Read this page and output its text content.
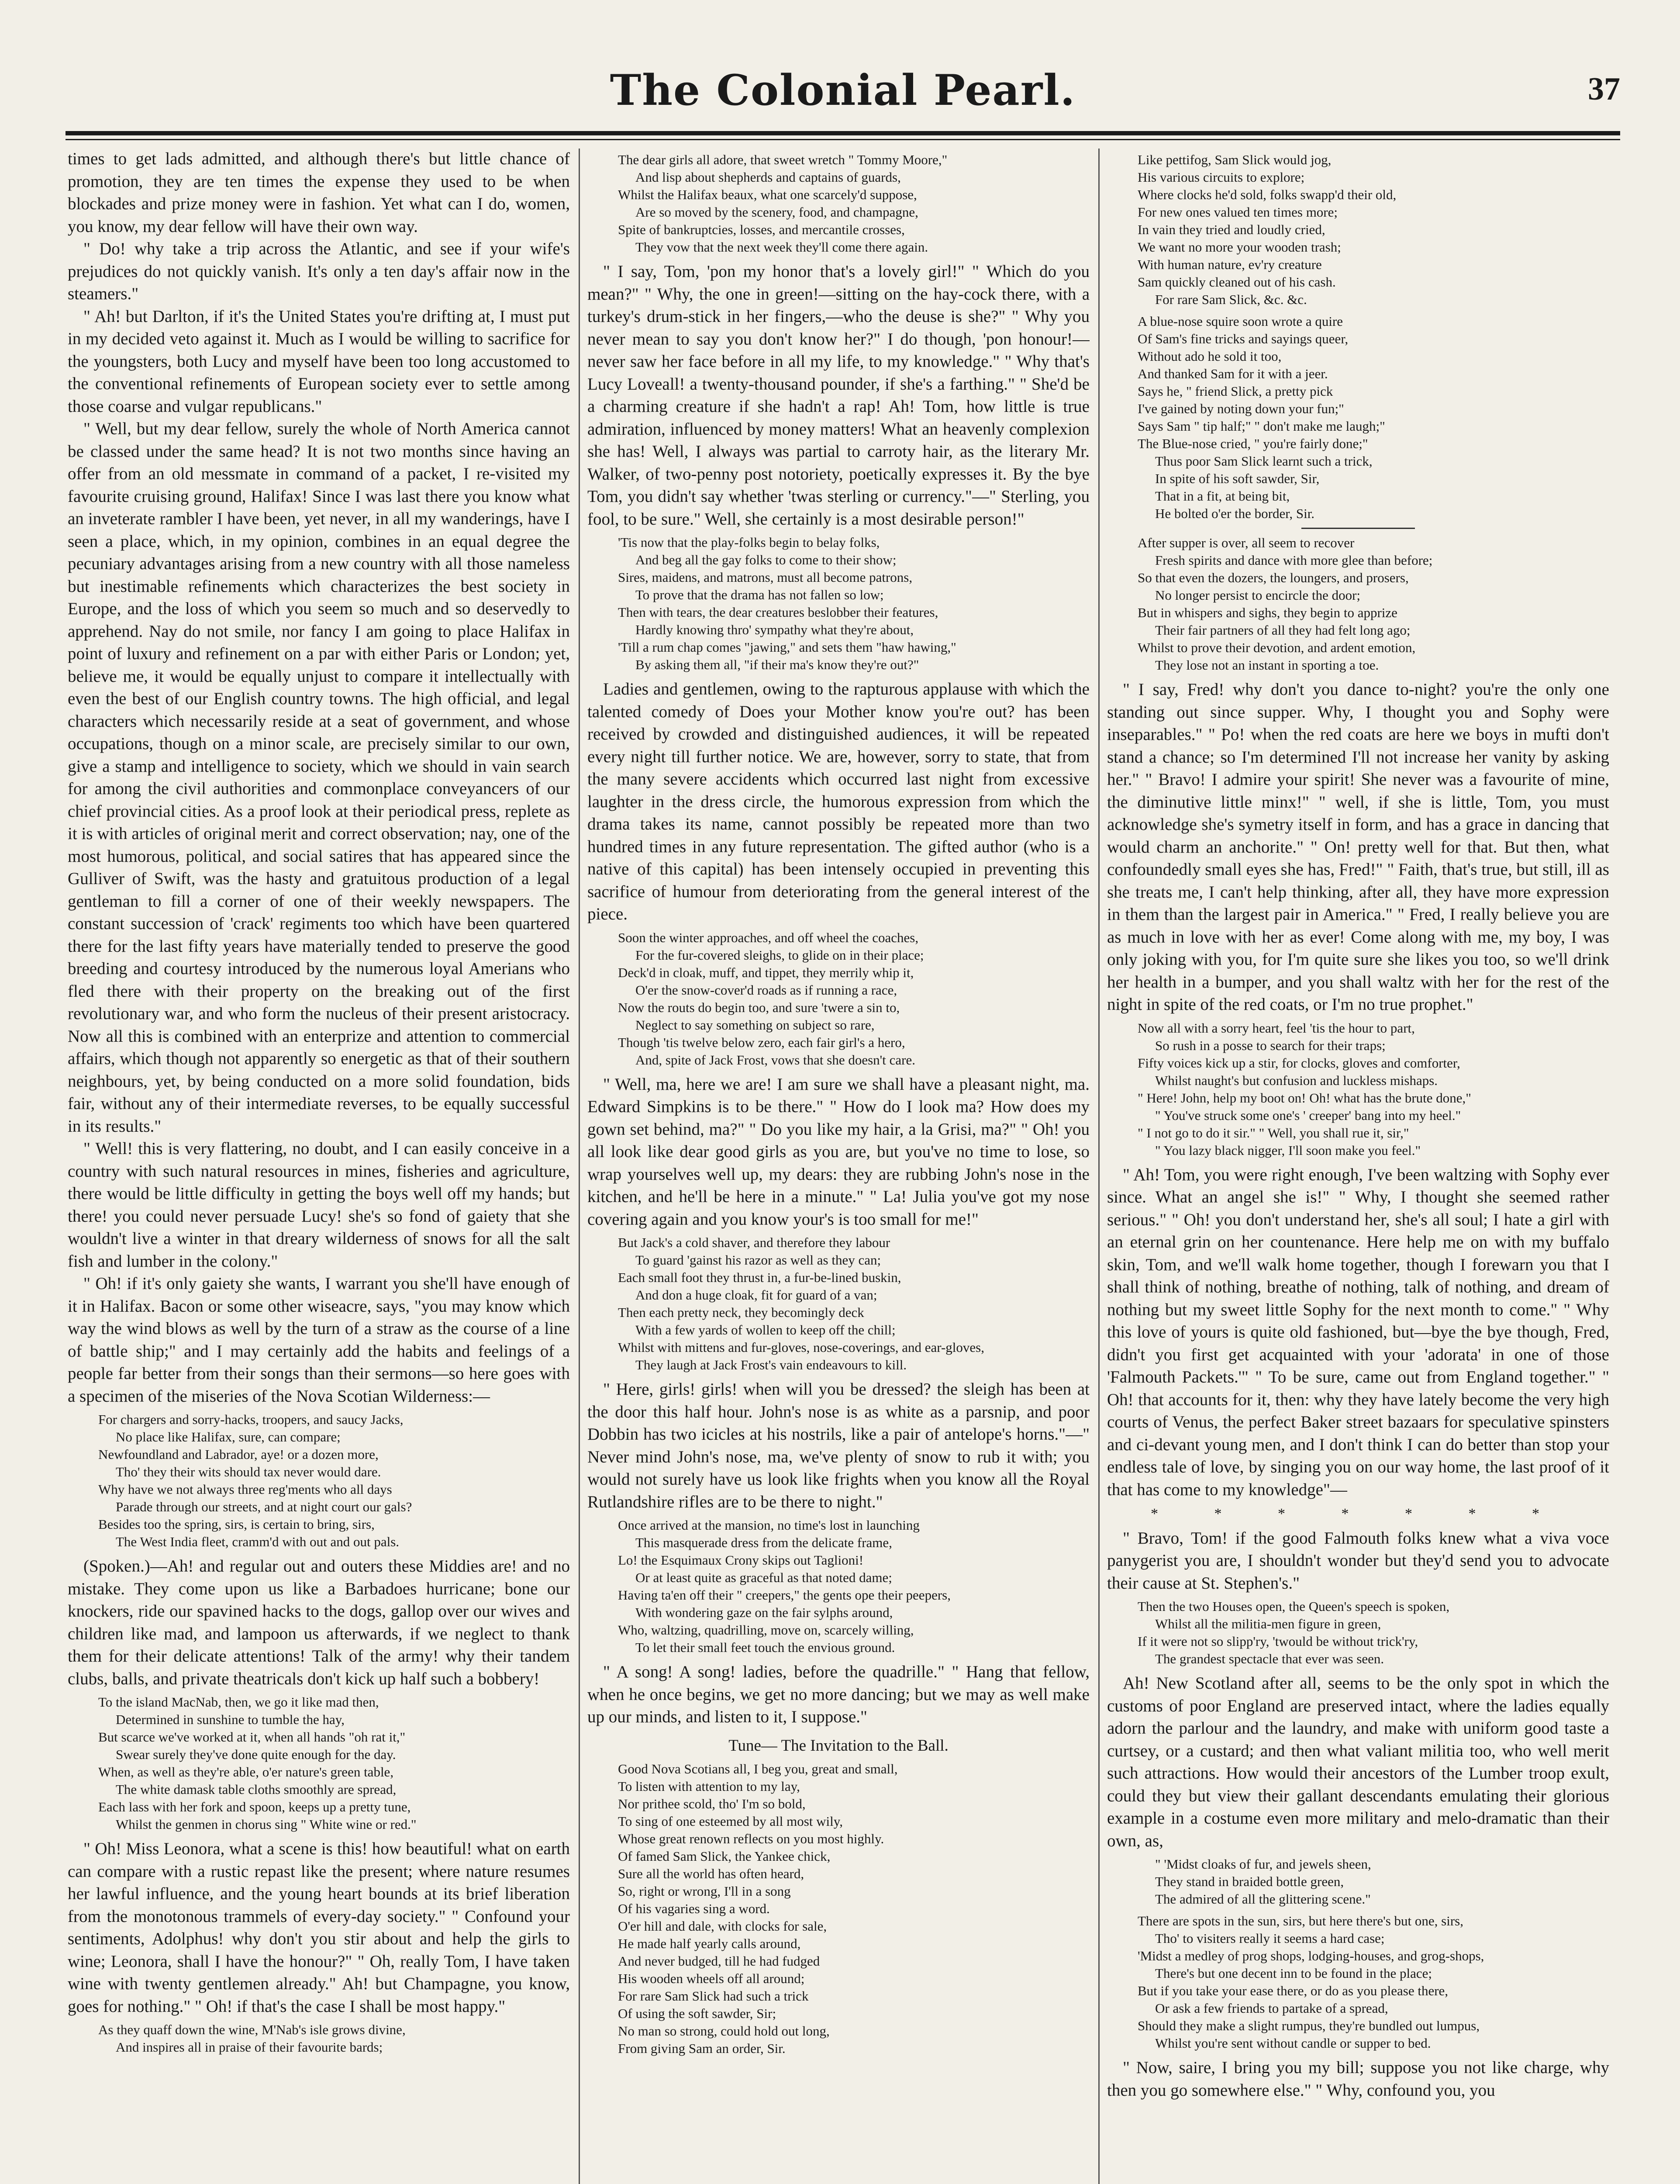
The Colonial Pearl.	37

times to get lads admitted, and although there's but little chance of promotion, they are ten times the expense they used to be when blockades and prize money were in fashion. Yet what can I do, women, you know, my dear fellow will have their own way.

" Do! why take a trip across the Atlantic, and see if your wife's prejudices do not quickly vanish. It's only a ten day's affair now in the steamers."

" Ah! but Darlton, if it's the United States you're drifting at, I must put in my decided veto against it. Much as I would be willing to sacrifice for the youngsters, both Lucy and myself have been too long accustomed to the conventional refinements of European society ever to settle among those coarse and vulgar republicans."

" Well, but my dear fellow, surely the whole of North America cannot be classed under the same head? It is not two months since having an offer from an old messmate in command of a packet, I re-visited my favourite cruising ground, Halifax! Since I was last there you know what an inveterate rambler I have been, yet never, in all my wanderings, have I seen a place, which, in my opinion, combines in an equal degree the pecuniary advantages arising from a new country with all those nameless but inestimable refinements which characterizes the best society in Europe, and the loss of which you seem so much and so deservedly to apprehend. Nay do not smile, nor fancy I am going to place Halifax in point of luxury and refinement on a par with either Paris or London; yet, believe me, it would be equally unjust to compare it intellectually with even the best of our English country towns. The high official, and legal characters which necessarily reside at a seat of government, and whose occupations, though on a minor scale, are precisely similar to our own, give a stamp and intelligence to society, which we should in vain search for among the civil authorities and commonplace conveyancers of our chief provincial cities. As a proof look at their periodical press, replete as it is with articles of original merit and correct observation; nay, one of the most humorous, political, and social satires that has appeared since the Gulliver of Swift, was the hasty and gratuitous production of a legal gentleman to fill a corner of one of their weekly newspapers. The constant succession of 'crack' regiments too which have been quartered there for the last fifty years have materially tended to preserve the good breeding and courtesy introduced by the numerous loyal Amerians who fled there with their property on the breaking out of the first revolutionary war, and who form the nucleus of their present aristocracy. Now all this is combined with an enterprize and attention to commercial affairs, which though not apparently so energetic as that of their southern neighbours, yet, by being conducted on a more solid foundation, bids fair, without any of their intermediate reverses, to be equally successful in its results."

" Well! this is very flattering, no doubt, and I can easily conceive in a country with such natural resources in mines, fisheries and agriculture, there would be little difficulty in getting the boys well off my hands; but there! you could never persuade Lucy! she's so fond of gaiety that she wouldn't live a winter in that dreary wilderness of snows for all the salt fish and lumber in the colony."

" Oh! if it's only gaiety she wants, I warrant you she'll have enough of it in Halifax. Bacon or some other wiseacre, says, "you may know which way the wind blows as well by the turn of a straw as the course of a line of battle ship;" and I may certainly add the habits and feelings of a people far better from their songs than their sermons—so here goes with a specimen of the miseries of the Nova Scotian Wilderness:—

For chargers and sorry-hacks, troopers, and saucy Jacks,
No place like Halifax, sure, can compare;
Newfoundland and Labrador, aye! or a dozen more,
Tho' they their wits should tax never would dare.
Why have we not always three reg'ments who all days
Parade through our streets, and at night court our gals?
Besides too the spring, sirs, is certain to bring, sirs,
The West India fleet, cramm'd with out and out pals.

(Spoken.)—Ah! and regular out and outers these Middies are! and no mistake. They come upon us like a Barbadoes hurricane; bone our knockers, ride our spavined hacks to the dogs, gallop over our wives and children like mad, and lampoon us afterwards, if we neglect to thank them for their delicate attentions! Talk of the army! why their tandem clubs, balls, and private theatricals don't kick up half such a bobbery!

To the island MacNab, then, we go it like mad then,
Determined in sunshine to tumble the hay,
But scarce we've worked at it, when all hands "oh rat it,"
Swear surely they've done quite enough for the day.
When, as well as they're able, o'er nature's green table,
The white damask table cloths smoothly are spread,
Each lass with her fork and spoon, keeps up a pretty tune,
Whilst the genmen in chorus sing " White wine or red."

" Oh! Miss Leonora, what a scene is this! how beautiful! what on earth can compare with a rustic repast like the present; where nature resumes her lawful influence, and the young heart bounds at its brief liberation from the monotonous trammels of every-day society." " Confound your sentiments, Adolphus! why don't you stir about and help the girls to wine; Leonora, shall I have the honour?" " Oh, really Tom, I have taken wine with twenty gentlemen already." Ah! but Champagne, you know, goes for nothing." " Oh! if that's the case I shall be most happy."

As they quaff down the wine, M'Nab's isle grows divine,
And inspires all in praise of their favourite bards;
The dear girls all adore, that sweet wretch " Tommy Moore,"
And lisp about shepherds and captains of guards,
Whilst the Halifax beaux, what one scarcely'd suppose,
Are so moved by the scenery, food, and champagne,
Spite of bankruptcies, losses, and mercantile crosses,
They vow that the next week they'll come there again.

" I say, Tom, 'pon my honor that's a lovely girl!" " Which do you mean?" " Why, the one in green!—sitting on the hay-cock there, with a turkey's drum-stick in her fingers,—who the deuse is she?" " Why you never mean to say you don't know her?" I do though, 'pon honour!—never saw her face before in all my life, to my knowledge." " Why that's Lucy Loveall! a twenty-thousand pounder, if she's a farthing." " She'd be a charming creature if she hadn't a rap! Ah! Tom, how little is true admiration, influenced by money matters! What an heavenly complexion she has! Well, I always was partial to carroty hair, as the literary Mr. Walker, of two-penny post notoriety, poetically expresses it. By the bye Tom, you didn't say whether 'twas sterling or currency."—" Sterling, you fool, to be sure." Well, she certainly is a most desirable person!"

'Tis now that the play-folks begin to belay folks,
And beg all the gay folks to come to their show;
Sires, maidens, and matrons, must all become patrons,
To prove that the drama has not fallen so low;
Then with tears, the dear creatures beslobber their features,
Hardly knowing thro' sympathy what they're about,
'Till a rum chap comes "jawing," and sets them "haw hawing,"
By asking them all, "if their ma's know they're out?"

Ladies and gentlemen, owing to the rapturous applause with which the talented comedy of Does your Mother know you're out? has been received by crowded and distinguished audiences, it will be repeated every night till further notice. We are, however, sorry to state, that from the many severe accidents which occurred last night from excessive laughter in the dress circle, the humorous expression from which the drama takes its name, cannot possibly be repeated more than two hundred times in any future representation. The gifted author (who is a native of this capital) has been intensely occupied in preventing this sacrifice of humour from deteriorating from the general interest of the piece.

Soon the winter approaches, and off wheel the coaches,
For the fur-covered sleighs, to glide on in their place;
Deck'd in cloak, muff, and tippet, they merrily whip it,
O'er the snow-cover'd roads as if running a race,
Now the routs do begin too, and sure 'twere a sin to,
Neglect to say something on subject so rare,
Though 'tis twelve below zero, each fair girl's a hero,
And, spite of Jack Frost, vows that she doesn't care.

" Well, ma, here we are! I am sure we shall have a pleasant night, ma. Edward Simpkins is to be there." " How do I look ma? How does my gown set behind, ma?" " Do you like my hair, a la Grisi, ma?" " Oh! you all look like dear good girls as you are, but you've no time to lose, so wrap yourselves well up, my dears: they are rubbing John's nose in the kitchen, and he'll be here in a minute." " La! Julia you've got my nose covering again and you know your's is too small for me!"

But Jack's a cold shaver, and therefore they labour
To guard 'gainst his razor as well as they can;
Each small foot they thrust in, a fur-be-lined buskin,
And don a huge cloak, fit for guard of a van;
Then each pretty neck, they becomingly deck
With a few yards of wollen to keep off the chill;
Whilst with mittens and fur-gloves, nose-coverings, and ear-gloves,
They laugh at Jack Frost's vain endeavours to kill.

" Here, girls! girls! when will you be dressed? the sleigh has been at the door this half hour. John's nose is as white as a parsnip, and poor Dobbin has two icicles at his nostrils, like a pair of antelope's horns."—" Never mind John's nose, ma, we've plenty of snow to rub it with; you would not surely have us look like frights when you know all the Royal Rutlandshire rifles are to be there to night."

Once arrived at the mansion, no time's lost in launching
This masquerade dress from the delicate frame,
Lo! the Esquimaux Crony skips out Taglioni!
Or at least quite as graceful as that noted dame;
Having ta'en off their " creepers," the gents ope their peepers,
With wondering gaze on the fair sylphs around,
Who, waltzing, quadrilling, move on, scarcely willing,
To let their small feet touch the envious ground.

" A song! A song! ladies, before the quadrille." " Hang that fellow, when he once begins, we get no more dancing; but we may as well make up our minds, and listen to it, I suppose."

Tune— The Invitation to the Ball.
Good Nova Scotians all, I beg you, great and small,
To listen with attention to my lay,
Nor prithee scold, tho' I'm so bold,
To sing of one esteemed by all most wily,
Whose great renown reflects on you most highly.
Of famed Sam Slick, the Yankee chick,
Sure all the world has often heard,
So, right or wrong, I'll in a song
Of his vagaries sing a word.
O'er hill and dale, with clocks for sale,
He made half yearly calls around,
And never budged, till he had fudged
His wooden wheels off all around;
For rare Sam Slick had such a trick
Of using the soft sawder, Sir;
No man so strong, could hold out long,
From giving Sam an order, Sir.
Like pettifog, Sam Slick would jog,
His various circuits to explore;
Where clocks he'd sold, folks swapp'd their old,
For new ones valued ten times more;
In vain they tried and loudly cried,
We want no more your wooden trash;
With human nature, ev'ry creature
Sam quickly cleaned out of his cash.
For rare Sam Slick, &c. &c.
A blue-nose squire soon wrote a quire
Of Sam's fine tricks and sayings queer,
Without ado he sold it too,
And thanked Sam for it with a jeer.
Says he, " friend Slick, a pretty pick
I've gained by noting down your fun;"
Says Sam " tip half;" " don't make me laugh;"
The Blue-nose cried, " you're fairly done;"
Thus poor Sam Slick learnt such a trick,
In spite of his soft sawder, Sir,
That in a fit, at being bit,
He bolted o'er the border, Sir.
After supper is over, all seem to recover
Fresh spirits and dance with more glee than before;
So that even the dozers, the loungers, and prosers,
No longer persist to encircle the door;
But in whispers and sighs, they begin to apprize
Their fair partners of all they had felt long ago;
Whilst to prove their devotion, and ardent emotion,
They lose not an instant in sporting a toe.

" I say, Fred! why don't you dance to-night? you're the only one standing out since supper. Why, I thought you and Sophy were inseparables." " Po! when the red coats are here we boys in mufti don't stand a chance; so I'm determined I'll not increase her vanity by asking her." " Bravo! I admire your spirit! She never was a favourite of mine, the diminutive little minx!" " well, if she is little, Tom, you must acknowledge she's symetry itself in form, and has a grace in dancing that would charm an anchorite." " On! pretty well for that. But then, what confoundedly small eyes she has, Fred!" " Faith, that's true, but still, ill as she treats me, I can't help thinking, after all, they have more expression in them than the largest pair in America." " Fred, I really believe you are as much in love with her as ever! Come along with me, my boy, I was only joking with you, for I'm quite sure she likes you too, so we'll drink her health in a bumper, and you shall waltz with her for the rest of the night in spite of the red coats, or I'm no true prophet."

Now all with a sorry heart, feel 'tis the hour to part,
So rush in a posse to search for their traps;
Fifty voices kick up a stir, for clocks, gloves and comforter,
Whilst naught's but confusion and luckless mishaps.
" Here! John, help my boot on! Oh! what has the brute done,"
" You've struck some one's ' creeper' bang into my heel."
" I not go to do it sir." " Well, you shall rue it, sir,"
" You lazy black nigger, I'll soon make you feel."

" Ah! Tom, you were right enough, I've been waltzing with Sophy ever since. What an angel she is!" " Why, I thought she seemed rather serious." " Oh! you don't understand her, she's all soul; I hate a girl with an eternal grin on her countenance. Here help me on with my buffalo skin, Tom, and we'll walk home together, though I forewarn you that I shall think of nothing, breathe of nothing, talk of nothing, and dream of nothing but my sweet little Sophy for the next month to come." " Why this love of yours is quite old fashioned, but—bye the bye though, Fred, didn't you first get acquainted with your 'adorata' in one of those 'Falmouth Packets.'" " To be sure, came out from England together." " Oh! that accounts for it, then: why they have lately become the very high courts of Venus, the perfect Baker street bazaars for speculative spinsters and ci-devant young men, and I don't think I can do better than stop your endless tale of love, by singing you on our way home, the last proof of it that has come to my knowledge"—

* * * * * * *

" Bravo, Tom! if the good Falmouth folks knew what a viva voce panygerist you are, I shouldn't wonder but they'd send you to advocate their cause at St. Stephen's."

Then the two Houses open, the Queen's speech is spoken,
Whilst all the militia-men figure in green,
If it were not so slipp'ry, 'twould be without trick'ry,
The grandest spectacle that ever was seen.

Ah! New Scotland after all, seems to be the only spot in which the customs of poor England are preserved intact, where the ladies equally adorn the parlour and the laundry, and make with uniform good taste a curtsey, or a custard; and then what valiant militia too, who well merit such attractions. How would their ancestors of the Lumber troop exult, could they but view their gallant descendants emulating their glorious example in a costume even more military and melo-dramatic than their own, as,

" 'Midst cloaks of fur, and jewels sheen,
They stand in braided bottle green,
The admired of all the glittering scene."
There are spots in the sun, sirs, but here there's but one, sirs,
Tho' to visiters really it seems a hard case;
'Midst a medley of prog shops, lodging-houses, and grog-shops,
There's but one decent inn to be found in the place;
But if you take your ease there, or do as you please there,
Or ask a few friends to partake of a spread,
Should they make a slight rumpus, they're bundled out lumpus,
Whilst you're sent without candle or supper to bed.

" Now, saire, I bring you my bill; suppose you not like charge, why then you go somewhere else." " Why, confound you, you
